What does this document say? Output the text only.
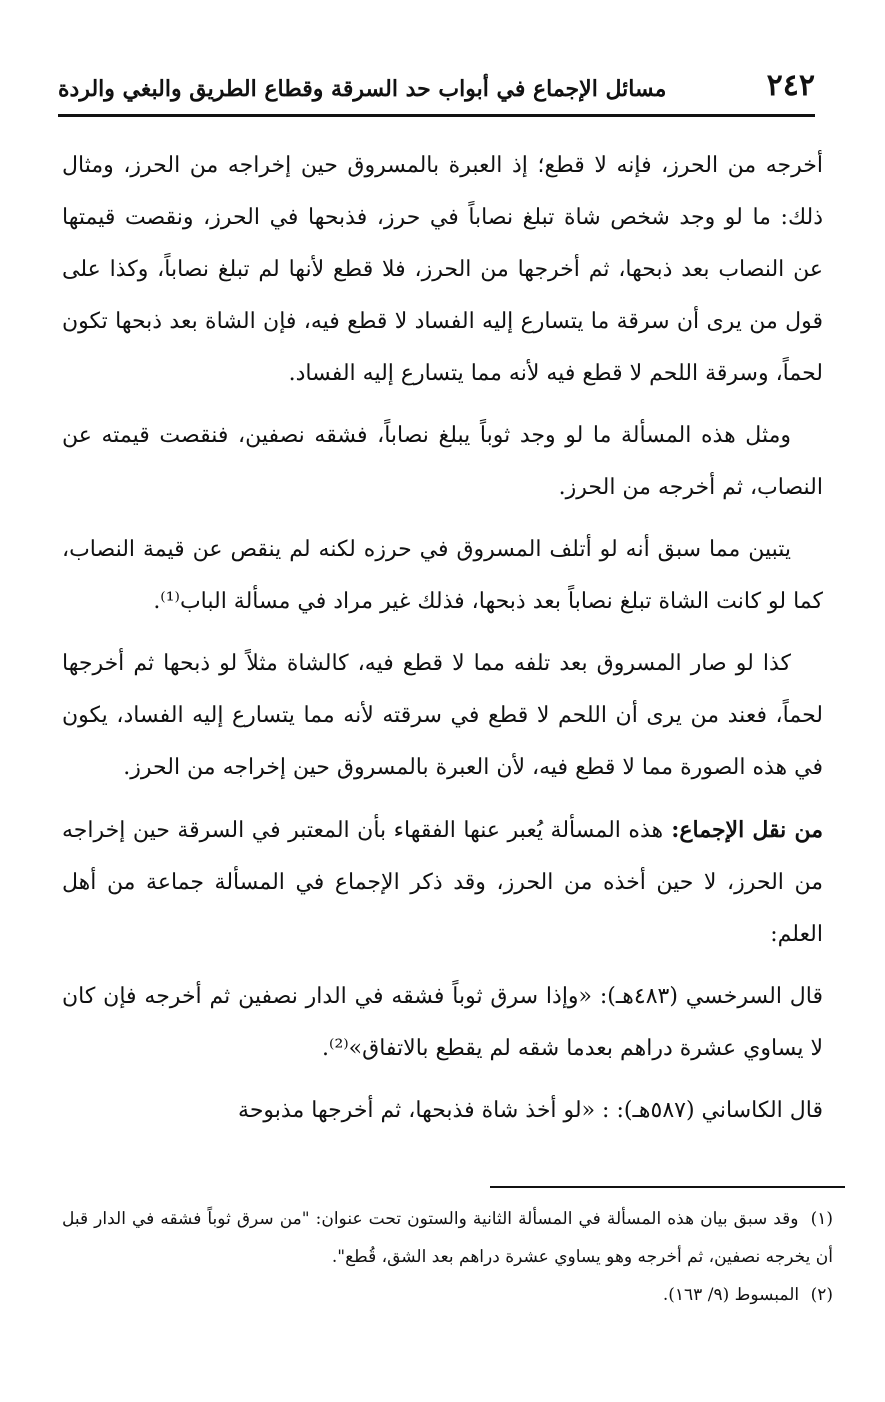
٢٤٢
مسائل الإجماع في أبواب حد السرقة وقطاع الطريق والبغي والردة

أخرجه من الحرز، فإنه لا قطع؛ إذ العبرة بالمسروق حين إخراجه من الحرز، ومثال ذلك: ما لو وجد شخص شاة تبلغ نصاباً في حرز، فذبحها في الحرز، ونقصت قيمتها عن النصاب بعد ذبحها، ثم أخرجها من الحرز، فلا قطع لأنها لم تبلغ نصاباً، وكذا على قول من يرى أن سرقة ما يتسارع إليه الفساد لا قطع فيه، فإن الشاة بعد ذبحها تكون لحماً، وسرقة اللحم لا قطع فيه لأنه مما يتسارع إليه الفساد.

ومثل هذه المسألة ما لو وجد ثوباً يبلغ نصاباً، فشقه نصفين، فنقصت قيمته عن النصاب، ثم أخرجه من الحرز.

يتبين مما سبق أنه لو أتلف المسروق في حرزه لكنه لم ينقص عن قيمة النصاب، كما لو كانت الشاة تبلغ نصاباً بعد ذبحها، فذلك غير مراد في مسألة الباب⁽¹⁾.

كذا لو صار المسروق بعد تلفه مما لا قطع فيه، كالشاة مثلاً لو ذبحها ثم أخرجها لحماً، فعند من يرى أن اللحم لا قطع في سرقته لأنه مما يتسارع إليه الفساد، يكون في هذه الصورة مما لا قطع فيه، لأن العبرة بالمسروق حين إخراجه من الحرز.

من نقل الإجماع: هذه المسألة يُعبر عنها الفقهاء بأن المعتبر في السرقة حين إخراجه من الحرز، لا حين أخذه من الحرز، وقد ذكر الإجماع في المسألة جماعة من أهل العلم:

قال السرخسي (٤٨٣هـ): «وإذا سرق ثوباً فشقه في الدار نصفين ثم أخرجه فإن كان لا يساوي عشرة دراهم بعدما شقه لم يقطع بالاتفاق»⁽²⁾.

قال الكاساني (٥٨٧هـ): : «لو أخذ شاة فذبحها، ثم أخرجها مذبوحة

(١) وقد سبق بيان هذه المسألة في المسألة الثانية والستون تحت عنوان: "من سرق ثوباً فشقه في الدار قبل أن يخرجه نصفين، ثم أخرجه وهو يساوي عشرة دراهم بعد الشق، قُطع".

(٢) المبسوط (٩/ ١٦٣).
